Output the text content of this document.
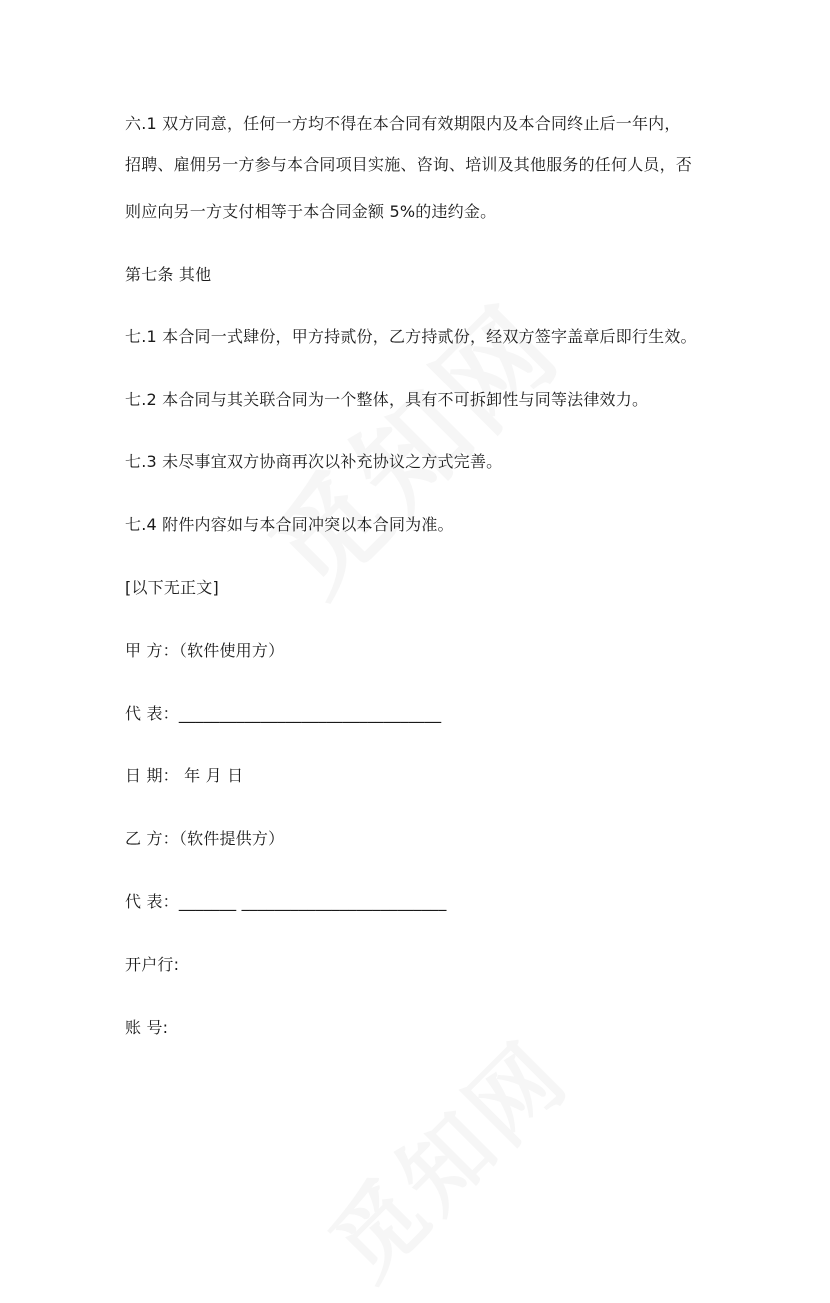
六.1 双方同意，任何一方均不得在本合同有效期限内及本合同终止后一年内，
招聘、雇佣另一方参与本合同项目实施、咨询、培训及其他服务的任何人员，否
则应向另一方支付相等于本合同金额 5%的违约金。
第七条 其他
七.1 本合同一式肆份，甲方持贰份，乙方持贰份，经双方签字盖章后即行生效。
七.2 本合同与其关联合同为一个整体，具有不可拆卸性与同等法律效力。
七.3 未尽事宜双方协商再次以补充协议之方式完善。
七.4 附件内容如与本合同冲突以本合同为准。
[以下无正文]
甲 方：（软件使用方）
代 表：________________________________
日 期： 年 月 日
乙 方：（软件提供方）
代 表：_______ _________________________
开户行:
账 号:
